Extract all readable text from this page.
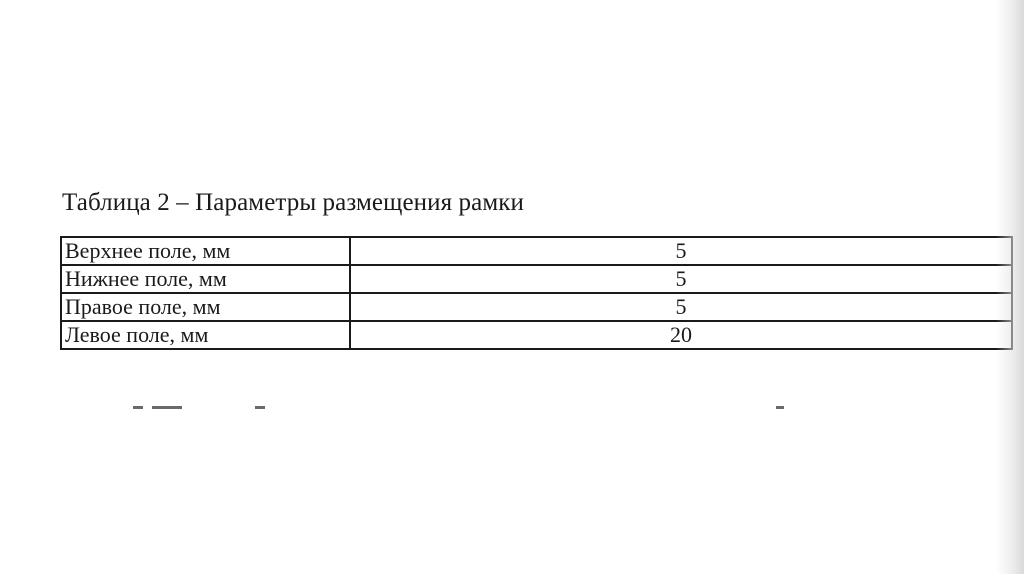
Таблица 2 – Параметры размещения рамки
Верхнее поле, мм	5
Нижнее поле, мм	5
Правое поле, мм	5
Левое поле, мм	20
